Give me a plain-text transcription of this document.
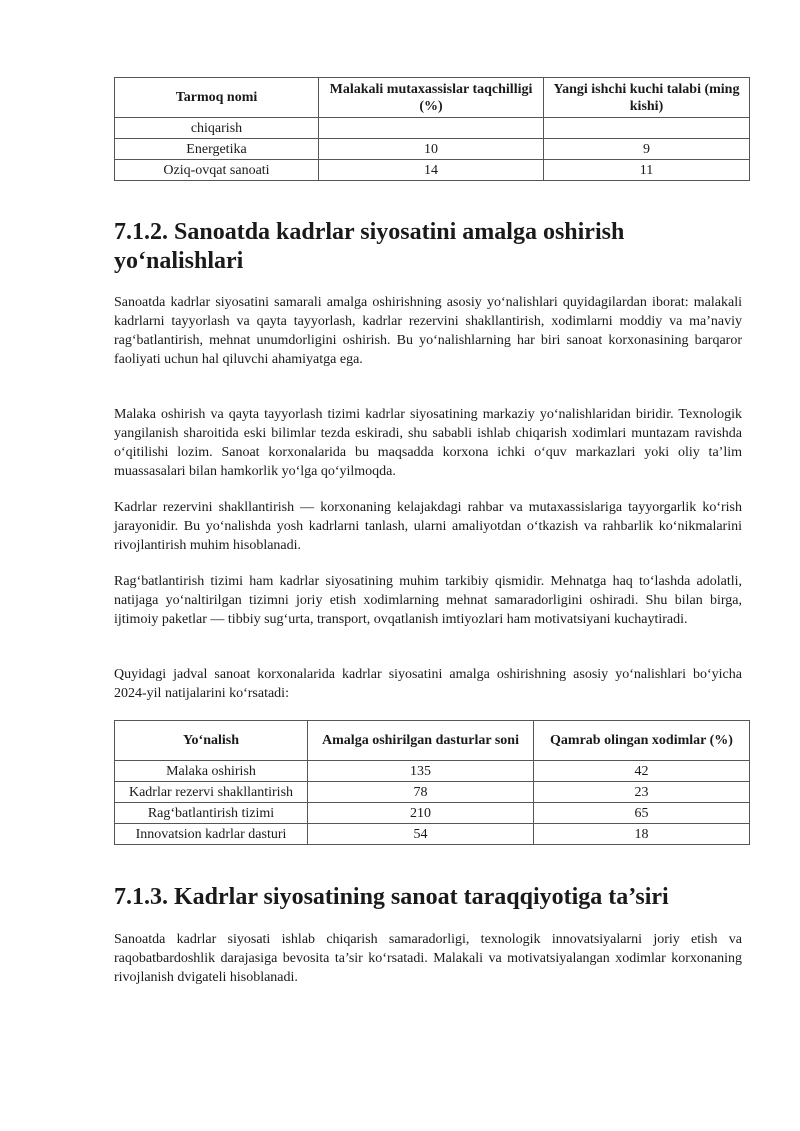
Tarmoq nomi	Malakali mutaxassislar taqchilligi (%)	Yangi ishchi kuchi talabi (ming kishi)
chiqarish		
Energetika	10	9
Oziq-ovqat sanoati	14	11
7.1.2. Sanoatda kadrlar siyosatini amalga oshirish yo‘nalishlari

Sanoatda kadrlar siyosatini samarali amalga oshirishning asosiy yo‘nalishlari quyidagilardan iborat: malakali kadrlarni tayyorlash va qayta tayyorlash, kadrlar rezervini shakllantirish, xodimlarni moddiy va ma’naviy rag‘batlantirish, mehnat unumdorligini oshirish. Bu yo‘nalishlarning har biri sanoat korxonasining barqaror faoliyati uchun hal qiluvchi ahamiyatga ega.

Malaka oshirish va qayta tayyorlash tizimi kadrlar siyosatining markaziy yo‘nalishlaridan biridir. Texnologik yangilanish sharoitida eski bilimlar tezda eskiradi, shu sababli ishlab chiqarish xodimlari muntazam ravishda o‘qitilishi lozim. Sanoat korxonalarida bu maqsadda korxona ichki o‘quv markazlari yoki oliy ta’lim muassasalari bilan hamkorlik yo‘lga qo‘yilmoqda.

Kadrlar rezervini shakllantirish — korxonaning kelajakdagi rahbar va mutaxassislariga tayyorgarlik ko‘rish jarayonidir. Bu yo‘nalishda yosh kadrlarni tanlash, ularni amaliyotdan o‘tkazish va rahbarlik ko‘nikmalarini rivojlantirish muhim hisoblanadi.

Rag‘batlantirish tizimi ham kadrlar siyosatining muhim tarkibiy qismidir. Mehnatga haq to‘lashda adolatli, natijaga yo‘naltirilgan tizimni joriy etish xodimlarning mehnat samaradorligini oshiradi. Shu bilan birga, ijtimoiy paketlar — tibbiy sug‘urta, transport, ovqatlanish imtiyozlari ham motivatsiyani kuchaytiradi.

Quyidagi jadval sanoat korxonalarida kadrlar siyosatini amalga oshirishning asosiy yo‘nalishlari bo‘yicha 2024-yil natijalarini ko‘rsatadi:

Yo‘nalish	Amalga oshirilgan dasturlar soni	Qamrab olingan xodimlar (%)
Malaka oshirish	135	42
Kadrlar rezervi shakllantirish	78	23
Rag‘batlantirish tizimi	210	65
Innovatsion kadrlar dasturi	54	18
7.1.3. Kadrlar siyosatining sanoat taraqqiyotiga ta’siri

Sanoatda kadrlar siyosati ishlab chiqarish samaradorligi, texnologik innovatsiyalarni joriy etish va raqobatbardoshlik darajasiga bevosita ta’sir ko‘rsatadi. Malakali va motivatsiyalangan xodimlar korxonaning rivojlanish dvigateli hisoblanadi.
